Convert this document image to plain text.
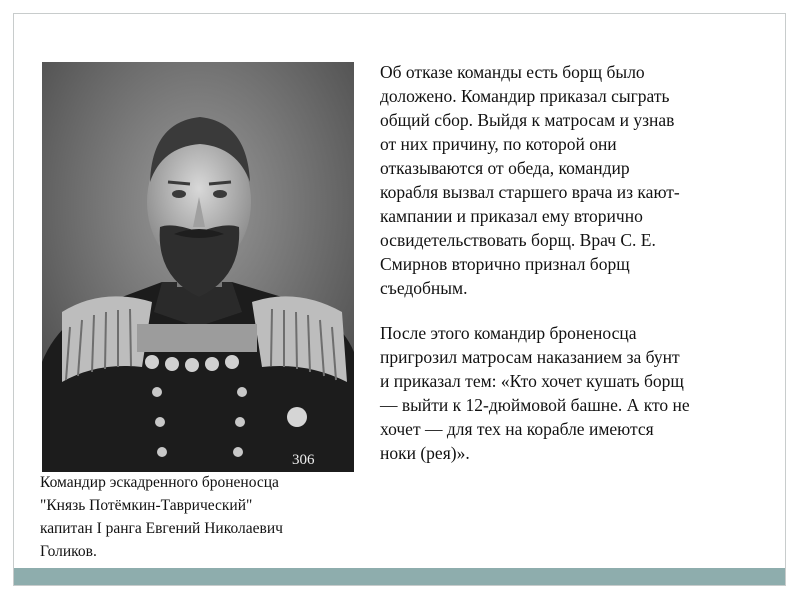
306

Командир эскадренного броненосца
"Князь Потёмкин-Таврический"
капитан I ранга Евгений Николаевич
Голиков.

Об отказе команды есть борщ было
доложено. Командир приказал сыграть
общий сбор. Выйдя к матросам и узнав
от них причину, по которой они
отказываются от обеда, командир
корабля вызвал старшего врача из кают-
кампании и приказал ему вторично
освидетельствовать борщ. Врач С. Е.
Смирнов вторично признал борщ
съедобным.

После этого командир броненосца
пригрозил матросам наказанием за бунт
и приказал тем: «Кто хочет кушать борщ
— выйти к 12-дюймовой башне. А кто не
хочет — для тех на корабле имеются
ноки (рея)».
